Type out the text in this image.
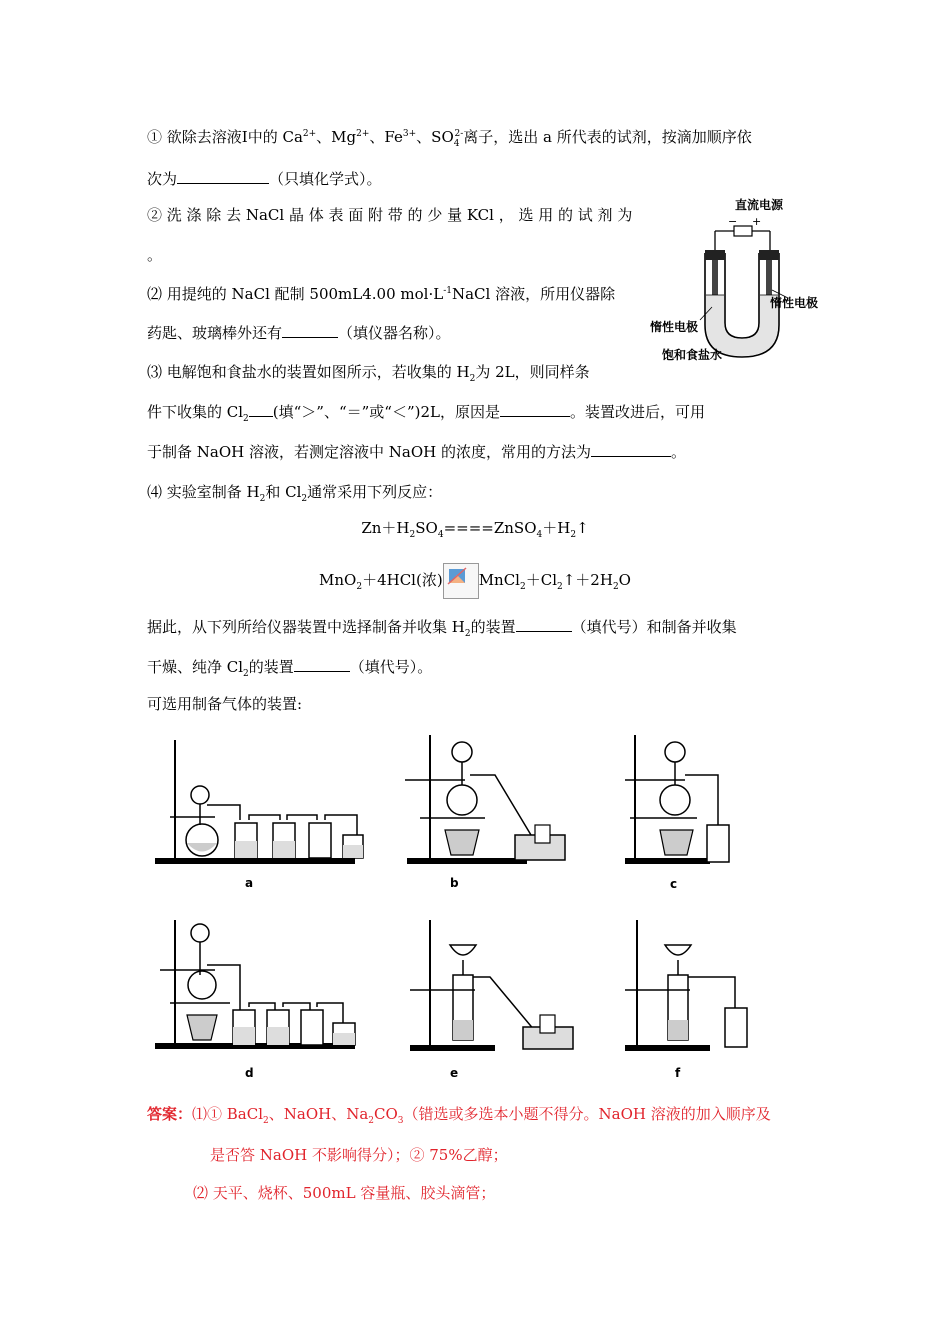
① 欲除去溶液Ⅰ中的 $Ca^{2+}$、$Mg^{2+}$、$Fe^{3+}$、$SO_4^{2-}$离子，选出 a 所代表的试剂，按滴加顺序依
次为	（只填化学式）。
② 洗 涤 除 去 NaCl 晶 体 表 面 附 带 的 少 量 KCl ， 选 用 的 试 剂 为
。
⑵ 用提纯的 NaCl 配制 500mL4.00 $mol\cdot L^{-1}NaCl$ 溶液，所用仪器除
药匙、玻璃棒外还有	（填仪器名称）。
⑶ 电解饱和食盐水的装置如图所示，若收集的 $H_2$为 2L，则同样条
件下收集的 $Cl_2$ (填“＞”、“＝”或“＜”)2L，原因是	。装置改进后，可用
于制备 NaOH 溶液，若测定溶液中 NaOH 的浓度，常用的方法为	。
直流电源
− +
惰性电极
惰性电极
饱和食盐水
⑷ 实验室制备 $H_2$和 $Cl_2$通常采用下列反应：
$Zn+H_2SO_4====ZnSO_4+H_2↑$
MnO$_2$＋4HCl(浓) $MnCl_2+Cl_2↑+2H_2O$
据此，从下列所给仪器装置中选择制备并收集 $H_2$的装置	（填代号）和制备并收集
干燥、纯净 $Cl_2$的装置	（填代号）。
可选用制备气体的装置:
a	b	c
d	e	f
答案：⑴① BaCl$_2$、NaOH、$Na_2CO_3$（错选或多选本小题不得分。NaOH 溶液的加入顺序及
是否答 NaOH 不影响得分）；② 75%乙醇；
⑵ 天平、烧杯、500mL 容量瓶、胶头滴管；
